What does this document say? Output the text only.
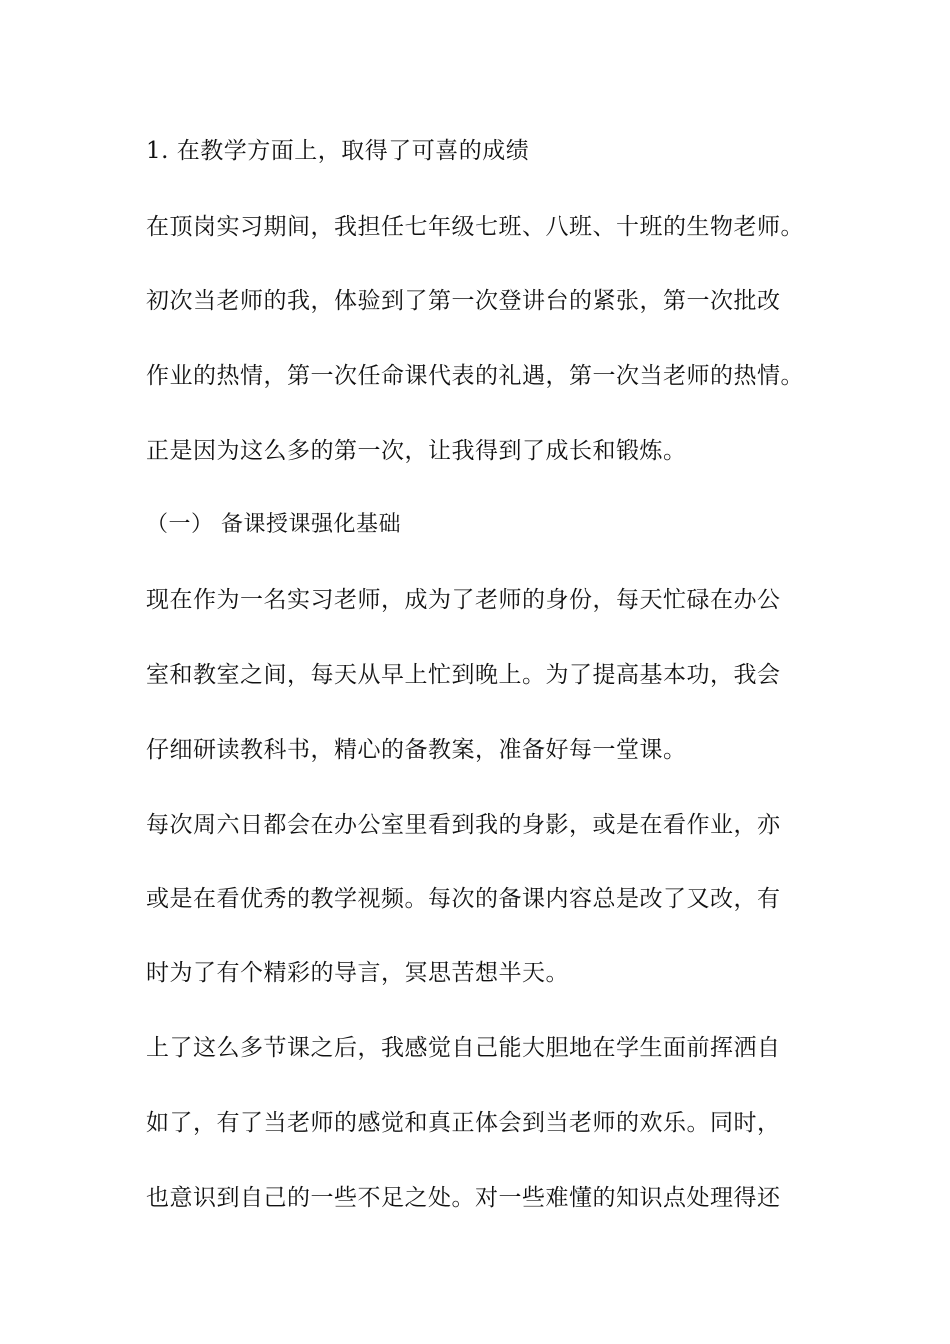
1. 在教学方面上，取得了可喜的成绩
在顶岗实习期间，我担任七年级七班、八班、十班的生物老师。
初次当老师的我，体验到了第一次登讲台的紧张，第一次批改
作业的热情，第一次任命课代表的礼遇，第一次当老师的热情。
正是因为这么多的第一次，让我得到了成长和锻炼。
（一） 备课授课强化基础
现在作为一名实习老师，成为了老师的身份，每天忙碌在办公
室和教室之间，每天从早上忙到晚上。为了提高基本功，我会
仔细研读教科书，精心的备教案，准备好每一堂课。
每次周六日都会在办公室里看到我的身影，或是在看作业，亦
或是在看优秀的教学视频。每次的备课内容总是改了又改，有
时为了有个精彩的导言，冥思苦想半天。
上了这么多节课之后，我感觉自己能大胆地在学生面前挥洒自
如了，有了当老师的感觉和真正体会到当老师的欢乐。同时，
也意识到自己的一些不足之处。对一些难懂的知识点处理得还
